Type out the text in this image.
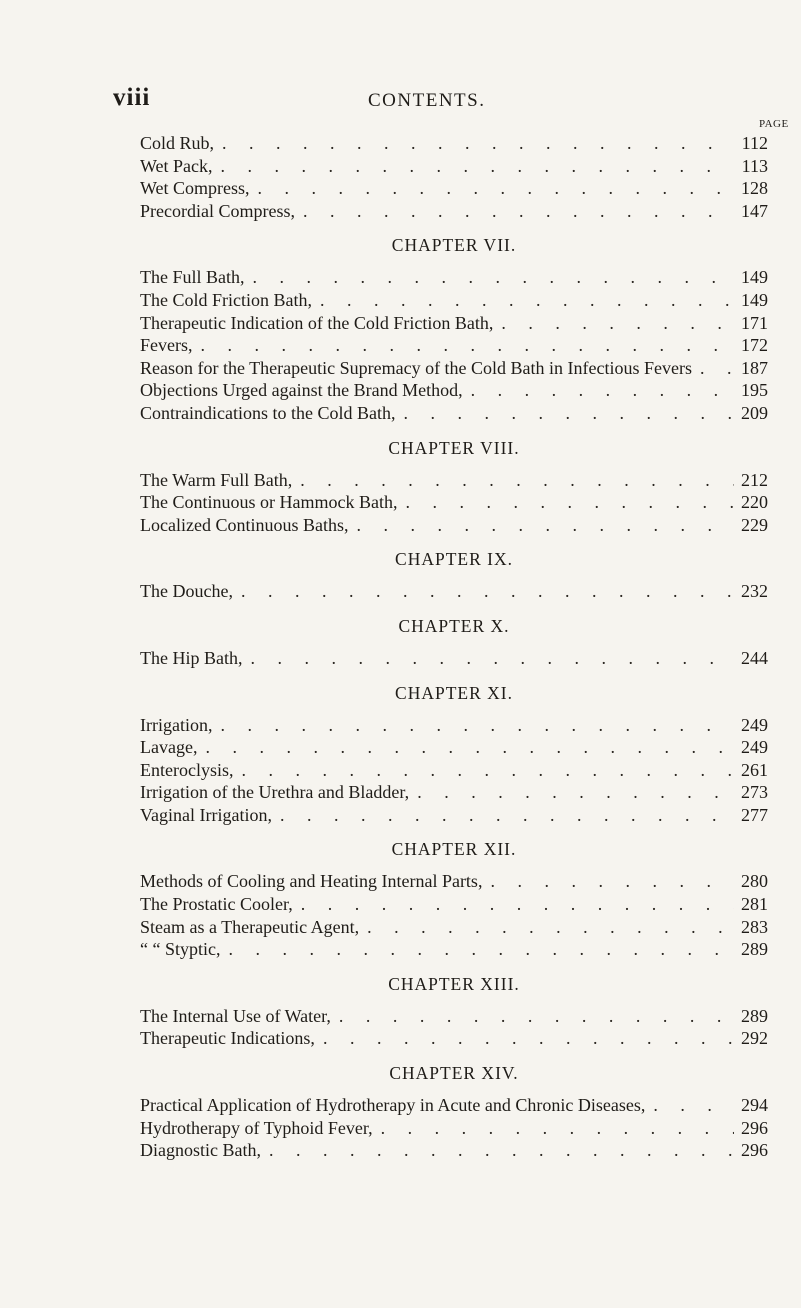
viii	CONTENTS.
PAGE
Cold Rub, . . .	112
Wet Pack, . . .	113
Wet Compress, . . .	128
Precordial Compress, . . .	147
CHAPTER VII.
The Full Bath, . . .	149
The Cold Friction Bath, . . .	149
Therapeutic Indication of the Cold Friction Bath, . . .	171
Fevers, . . .	172
Reason for the Therapeutic Supremacy of the Cold Bath in Infectious Fevers . . .	187
Objections Urged against the Brand Method, . . .	195
Contraindications to the Cold Bath, . . .	209
CHAPTER VIII.
The Warm Full Bath, . . .	212
The Continuous or Hammock Bath, . . .	220
Localized Continuous Baths, . . .	229
CHAPTER IX.
The Douche, . . .	232
CHAPTER X.
The Hip Bath, . . .	244
CHAPTER XI.
Irrigation, . . .	249
Lavage, . . .	249
Enteroclysis, . . .	261
Irrigation of the Urethra and Bladder, . . .	273
Vaginal Irrigation, . . .	277
CHAPTER XII.
Methods of Cooling and Heating Internal Parts, . . .	280
The Prostatic Cooler, . . .	281
Steam as a Therapeutic Agent, . . .	283
“ “ Styptic, . . .	289
CHAPTER XIII.
The Internal Use of Water, . . .	289
Therapeutic Indications, . . .	292
CHAPTER XIV.
Practical Application of Hydrotherapy in Acute and Chronic Diseases, . . .	294
Hydrotherapy of Typhoid Fever, . . .	296
Diagnostic Bath, . . .	296
